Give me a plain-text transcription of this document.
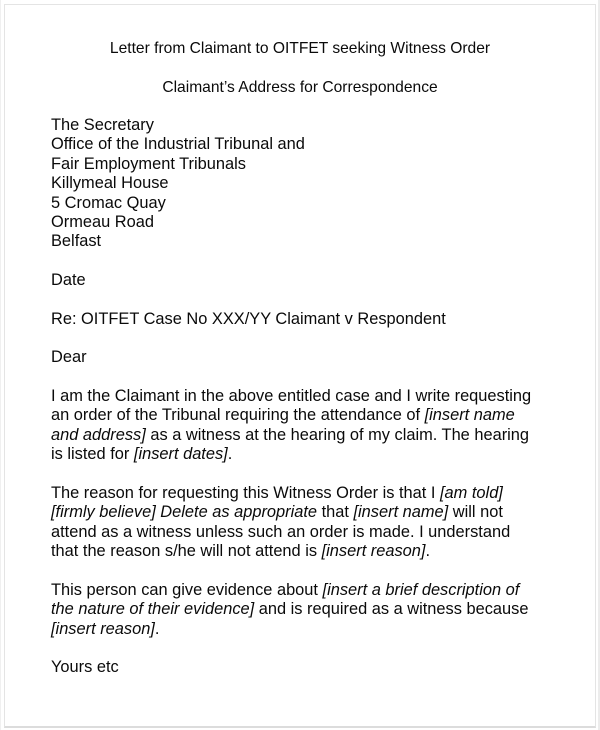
Letter from Claimant to OITFET seeking Witness Order
Claimant’s Address for Correspondence
The Secretary
Office of the Industrial Tribunal and
Fair Employment Tribunals
Killymeal House
5 Cromac Quay
Ormeau Road
Belfast
Date
Re: OITFET Case No XXX/YY Claimant v Respondent
Dear
I am the Claimant in the above entitled case and I write requesting
an order of the Tribunal requiring the attendance of [insert name
and address] as a witness at the hearing of my claim. The hearing
is listed for [insert dates].
The reason for requesting this Witness Order is that I [am told]
[firmly believe] Delete as appropriate that [insert name] will not
attend as a witness unless such an order is made. I understand
that the reason s/he will not attend is [insert reason].
This person can give evidence about [insert a brief description of
the nature of their evidence] and is required as a witness because
[insert reason].
Yours etc
